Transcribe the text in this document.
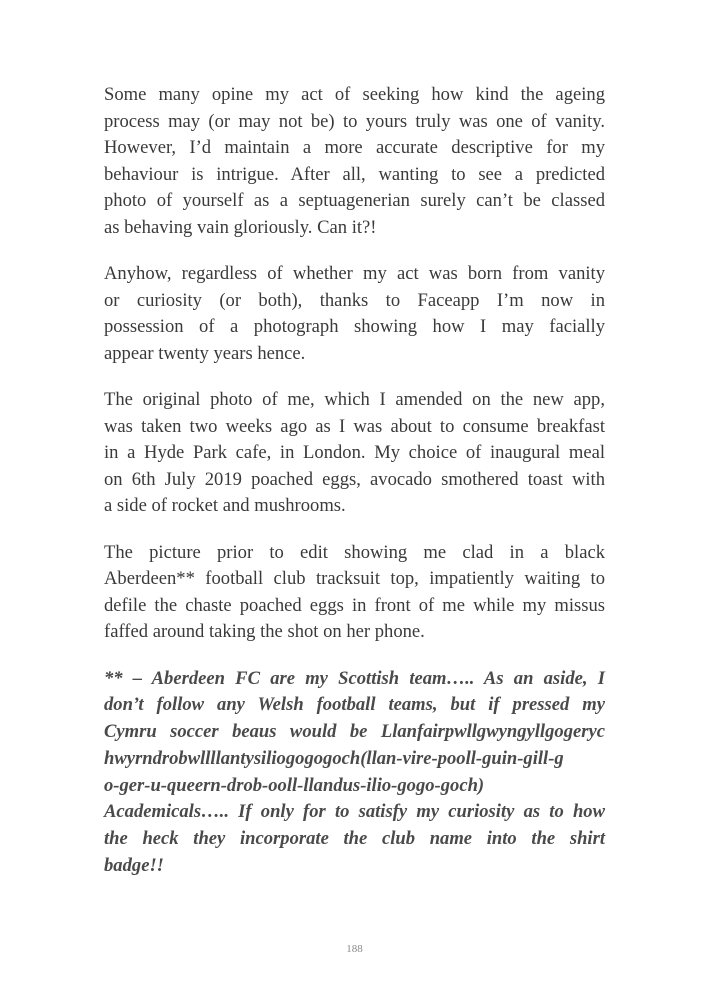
Some many opine my act of seeking how kind the ageing
process may (or may not be) to yours truly was one of vanity.
However, I’d maintain a more accurate descriptive for my
behaviour is intrigue. After all, wanting to see a predicted
photo of yourself as a septuagenerian surely can’t be classed
as behaving vain gloriously. Can it?!

Anyhow, regardless of whether my act was born from vanity
or curiosity (or both), thanks to Faceapp I’m now in
possession of a photograph showing how I may facially
appear twenty years hence.

The original photo of me, which I amended on the new app,
was taken two weeks ago as I was about to consume breakfast
in a Hyde Park cafe, in London. My choice of inaugural meal
on 6th July 2019 poached eggs, avocado smothered toast with
a side of rocket and mushrooms.

The picture prior to edit showing me clad in a black
Aberdeen** football club tracksuit top, impatiently waiting to
defile the chaste poached eggs in front of me while my missus
faffed around taking the shot on her phone.

** – Aberdeen FC are my Scottish team….. As an aside, I
don’t follow any Welsh football teams, but if pressed my
Cymru soccer beaus would be Llanfairpwllgwyngyllgogeryc
hwyrndrobwllllantysiliogogogoch(llan-vire-pooll-guin-gill-g
o-ger-u-queern-drob-ooll-llandus-ilio-gogo-goch)
Academicals….. If only for to satisfy my curiosity as to how
the heck they incorporate the club name into the shirt
badge!!

188
